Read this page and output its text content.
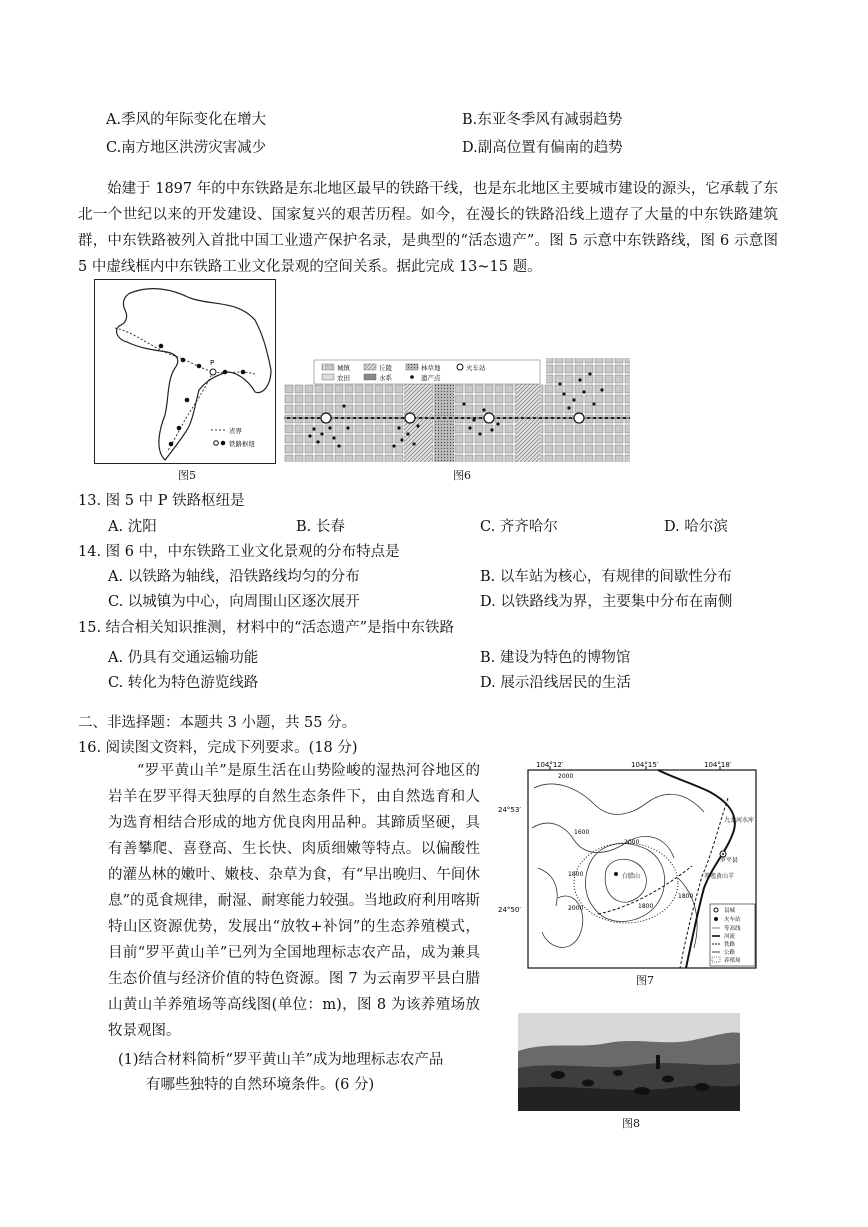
A.季风的年际变化在增大	B.东亚冬季风有减弱趋势
C.南方地区洪涝灾害减少	D.副高位置有偏南的趋势

始建于 1897 年的中东铁路是东北地区最早的铁路干线，也是东北地区主要城市建设的源头，它承载了东北一个世纪以来的开发建设、国家复兴的艰苦历程。如今，在漫长的铁路沿线上遗存了大量的中东铁路建筑群，中东铁路被列入首批中国工业遗产保护名录，是典型的“活态遗产”。图 5 示意中东铁路线，图 6 示意图 5 中虚线框内中东铁路工业文化景观的空间关系。据此完成 13~15 题。

P
省界
铁路枢纽
图5
城镇	丘陵	林草地	火车站
农田	水系	遗产点
图6
13. 图 5 中 P 铁路枢纽是
A. 沈阳	B. 长春	C. 齐齐哈尔	D. 哈尔滨
14. 图 6 中，中东铁路工业文化景观的分布特点是
A. 以铁路为轴线，沿铁路线均匀的分布	B. 以车站为核心，有规律的间歇性分布
C. 以城镇为中心，向周围山区逐次展开	D. 以铁路线为界，主要集中分布在南侧
15. 结合相关知识推测，材料中的“活态遗产”是指中东铁路
A. 仍具有交通运输功能	B. 建设为特色的博物馆
C. 转化为特色游览线路	D. 展示沿线居民的生活
二、非选择题：本题共 3 小题，共 55 分。
16. 阅读图文资料，完成下列要求。(18 分)

“罗平黄山羊”是原生活在山势险峻的湿热河谷地区的岩羊在罗平得天独厚的自然生态条件下，由自然选育和人为选育相结合形成的地方优良肉用品种。其蹄质坚硬，具有善攀爬、喜登高、生长快、肉质细嫩等特点。以偏酸性的灌丛林的嫩叶、嫩枝、杂草为食，有“早出晚归、午间休息”的觅食规律，耐湿、耐寒能力较强。当地政府利用喀斯特山区资源优势，发展出“放牧+补饲”的生态养殖模式，目前“罗平黄山羊”已列为全国地理标志农产品，成为兼具生态价值与经济价值的特色资源。图 7 为云南罗平县白腊山黄山羊养殖场等高线图(单位：m)，图 8 为该养殖场放牧景观图。

(1)结合材料简析“罗平黄山羊”成为地理标志农产品
有哪些独特的自然环境条件。(6 分)
104°12′	104°15′	104°18′
24°53′
24°50′
2000
1600
1800
2000
2000	1800
1800
九龙河水库
罗平县
养殖黄山羊
白腊山
县城
火车站
等高线
河流
铁路
公路
养殖场
图7
图8
